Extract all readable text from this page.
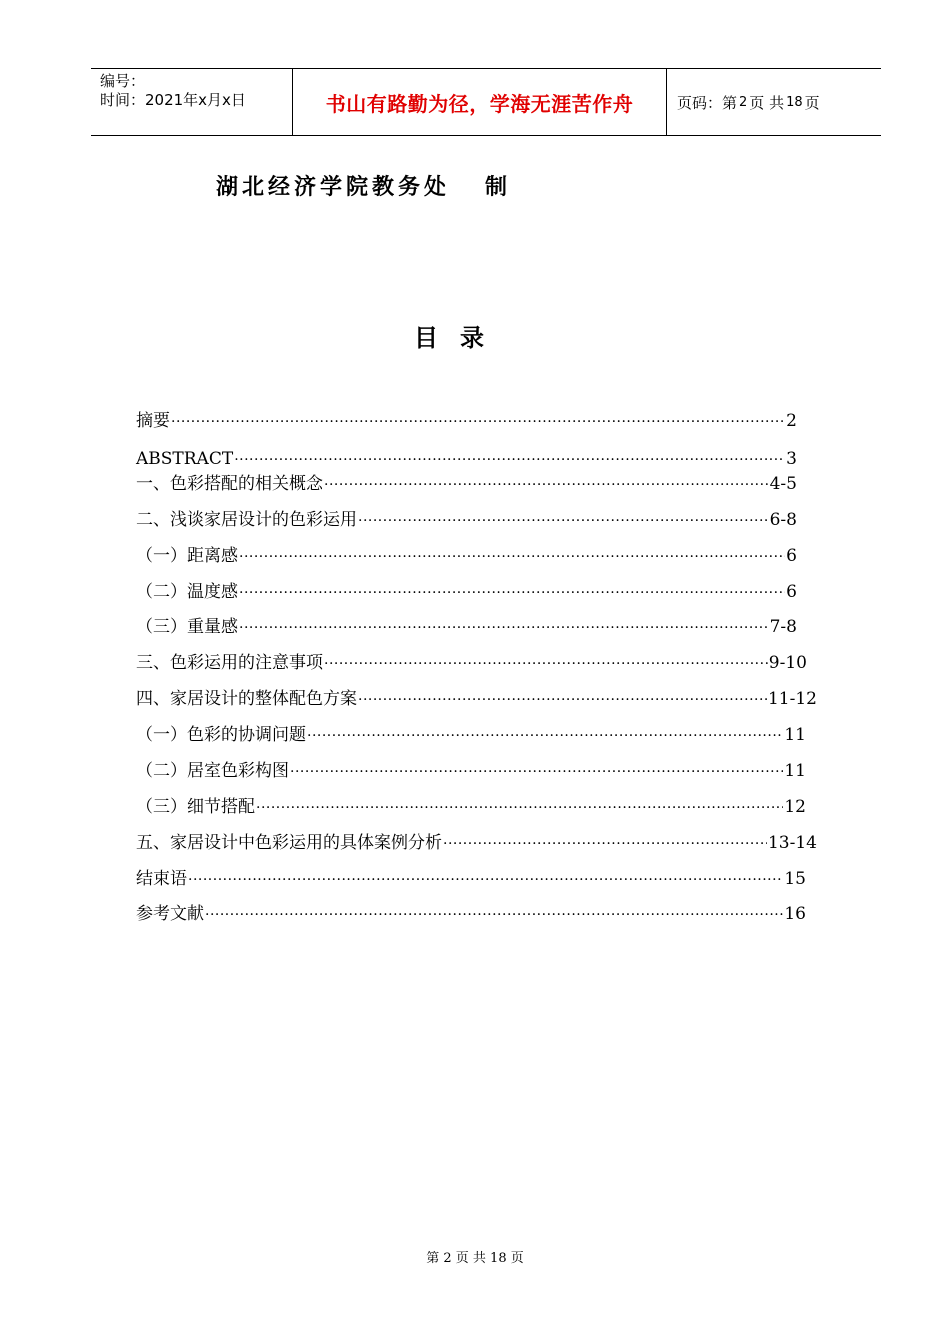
编号：
时间：2021年x月x日	书山有路勤为径，学海无涯苦作舟	页码：第 2 页 共 18 页
湖北经济学院教务处   制
目录
摘要 ·····	2
ABSTRACT ·····	3
一、色彩搭配的相关概念 ·····	4-5
二、浅谈家居设计的色彩运用 ·····	6-8
（一）距离感 ·····	6
（二）温度感 ·····	6
（三）重量感 ·····	7-8
三、色彩运用的注意事项 ·····	9-10
四、家居设计的整体配色方案 ·····	11-12
（一）色彩的协调问题 ·····	11
（二）居室色彩构图 ·····	11
（三）细节搭配 ·····	12
五、家居设计中色彩运用的具体案例分析 ·····	13-14
结束语 ·····	15
参考文献 ·····	16
第 2 页 共 18 页
